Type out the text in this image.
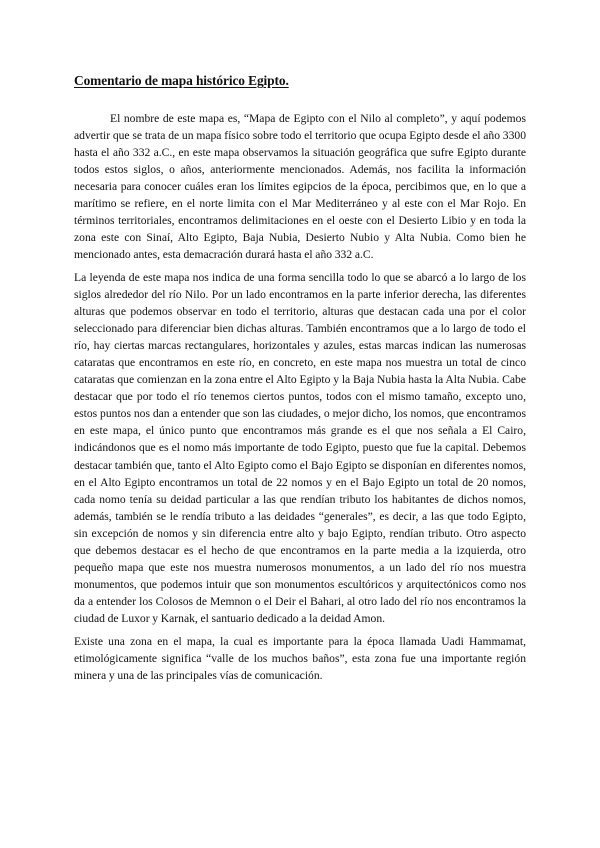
Comentario de mapa histórico Egipto.

El nombre de este mapa es, “Mapa de Egipto con el Nilo al completo”, y aquí podemos advertir que se trata de un mapa físico sobre todo el territorio que ocupa Egipto desde el año 3300 hasta el año 332 a.C., en este mapa observamos la situación geográfica que sufre Egipto durante todos estos siglos, o años, anteriormente mencionados. Además, nos facilita la información necesaria para conocer cuáles eran los límites egipcios de la época, percibimos que, en lo que a marítimo se refiere, en el norte limita con el Mar Mediterráneo y al este con el Mar Rojo. En términos territoriales, encontramos delimitaciones en el oeste con el Desierto Libio y en toda la zona este con Sinaí, Alto Egipto, Baja Nubia, Desierto Nubio y Alta Nubia. Como bien he mencionado antes, esta demacración durará hasta el año 332 a.C.

La leyenda de este mapa nos indica de una forma sencilla todo lo que se abarcó a lo largo de los siglos alrededor del río Nilo. Por un lado encontramos en la parte inferior derecha, las diferentes alturas que podemos observar en todo el territorio, alturas que destacan cada una por el color seleccionado para diferenciar bien dichas alturas. También encontramos que a lo largo de todo el río, hay ciertas marcas rectangulares, horizontales y azules, estas marcas indican las numerosas cataratas que encontramos en este río, en concreto, en este mapa nos muestra un total de cinco cataratas que comienzan en la zona entre el Alto Egipto y la Baja Nubia hasta la Alta Nubia. Cabe destacar que por todo el río tenemos ciertos puntos, todos con el mismo tamaño, excepto uno, estos puntos nos dan a entender que son las ciudades, o mejor dicho, los nomos, que encontramos en este mapa, el único punto que encontramos más grande es el que nos señala a El Cairo, indicándonos que es el nomo más importante de todo Egipto, puesto que fue la capital. Debemos destacar también que, tanto el Alto Egipto como el Bajo Egipto se disponían en diferentes nomos, en el Alto Egipto encontramos un total de 22 nomos y en el Bajo Egipto un total de 20 nomos, cada nomo tenía su deidad particular a las que rendían tributo los habitantes de dichos nomos, además, también se le rendía tributo a las deidades “generales”, es decir, a las que todo Egipto, sin excepción de nomos y sin diferencia entre alto y bajo Egipto, rendían tributo. Otro aspecto que debemos destacar es el hecho de que encontramos en la parte media a la izquierda, otro pequeño mapa que este nos muestra numerosos monumentos, a un lado del río nos muestra monumentos, que podemos intuir que son monumentos escultóricos y arquitectónicos como nos da a entender los Colosos de Memnon o el Deir el Bahari, al otro lado del río nos encontramos la ciudad de Luxor y Karnak, el santuario dedicado a la deidad Amon.

Existe una zona en el mapa, la cual es importante para la época llamada Uadi Hammamat, etimológicamente significa “valle de los muchos baños”, esta zona fue una importante región minera y una de las principales vías de comunicación.
